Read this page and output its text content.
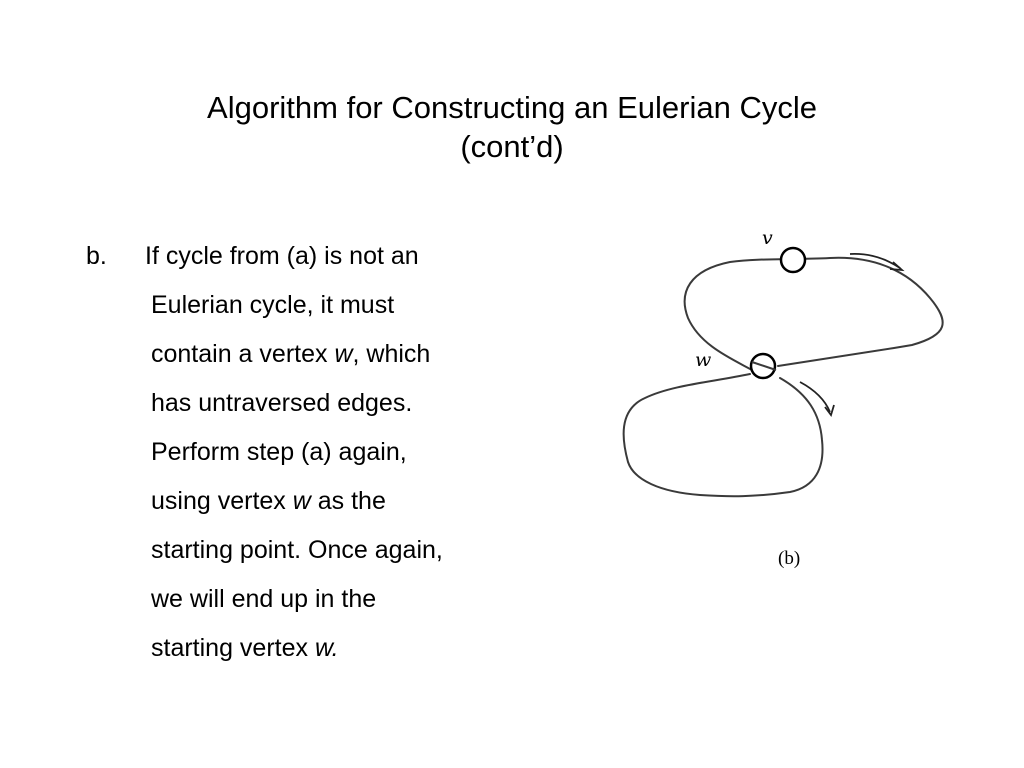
Algorithm for Constructing an Eulerian Cycle
(cont’d)
b. If cycle from (a) is not an
Eulerian cycle, it must
contain a vertex w, which
has untraversed edges.
Perform step (a) again,
using vertex w as the
starting point. Once again,
we will end up in the
starting vertex w.
v
w
(b)
